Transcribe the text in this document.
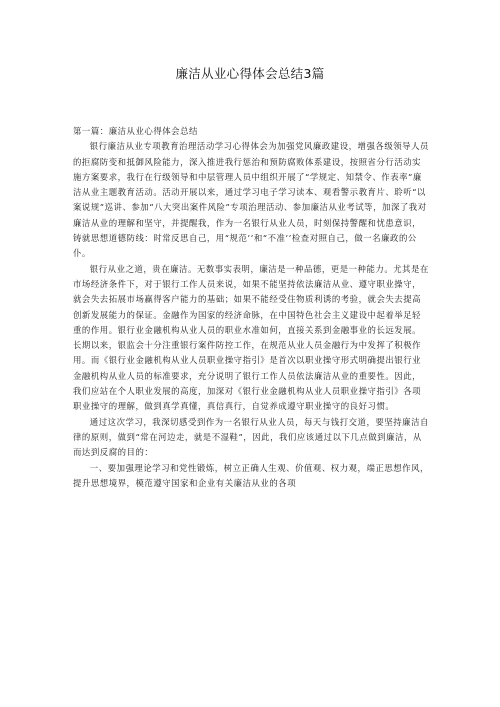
廉洁从业心得体会总结3篇

第一篇：廉洁从业心得体会总结

银行廉洁从业专项教育治理活动学习心得体会为加强党风廉政建设，增强各级领导人员的拒腐防变和抵御风险能力，深入推进我行惩治和预防腐败体系建设，按照省分行活动实施方案要求，我行在行级领导和中层管理人员中组织开展了“学规定、知禁令、作表率”廉洁从业主题教育活动。活动开展以来，通过学习电子学习读本、观看警示教育片、聆听“以案说规”巡讲、参加“八大突出案件风险”专项治理活动、参加廉洁从业考试等，加深了我对廉洁从业的理解和坚守，并提醒我，作为一名银行从业人员，时刻保持警醒和忧患意识，铸就思想道德防线：时常反思自己，用“规范’’和“不准’’检查对照自己，做一名廉政的公仆。

银行从业之道，贵在廉洁。无数事实表明，廉洁是一种品德，更是一种能力。尤其是在市场经济条件下，对于银行工作人员来说，如果不能坚持依法廉洁从业、遵守职业操守，就会失去拓展市场赢得客户能力的基础；如果不能经受住物质利诱的考验，就会失去提高创新发展能力的保证。金融作为国家的经济命脉，在中国特色社会主义建设中起着举足轻重的作用。银行业金融机构从业人员的职业水准如何，直接关系到金融事业的长远发展。长期以来，银监会十分注重银行案件防控工作，在规范从业人员金融行为中发挥了积极作用。而《银行业金融机构从业人员职业操守指引》是首次以职业操守形式明确提出银行业金融机构从业人员的标准要求，充分说明了银行工作人员依法廉洁从业的重要性。因此，我们应站在个人职业发展的高度，加深对《银行业金融机构从业人员职业操守指引》各项职业操守的理解，做到真学真懂，真信真行，自觉养成遵守职业操守的良好习惯。

通过这次学习，我深切感受到作为一名银行从业人员，每天与钱打交道，要坚持廉洁自律的原则，做到“常在河边走，就是不湿鞋”，因此，我们应该通过以下几点做到廉洁，从而达到反腐的目的：

一、要加强理论学习和党性锻炼，树立正确人生观、价值观、权力观，端正思想作风，提升思想境界，模范遵守国家和企业有关廉洁从业的各项
